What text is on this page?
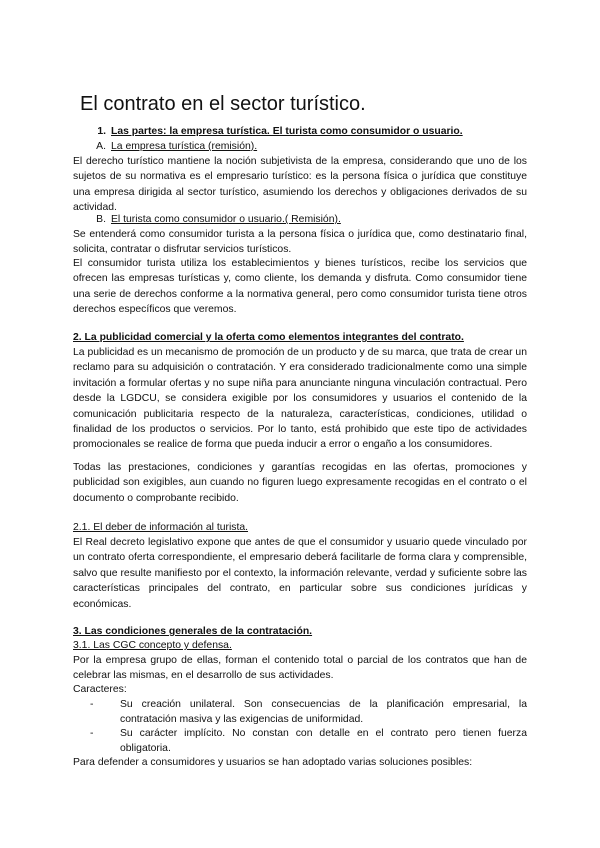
El contrato en el sector turístico.
1. Las partes: la empresa turística. El turista como consumidor o usuario.
A. La empresa turística (remisión).

El derecho turístico mantiene la noción subjetivista de la empresa, considerando que uno de los sujetos de su normativa es el empresario turístico: es la persona física o jurídica que constituye una empresa dirigida al sector turístico, asumiendo los derechos y obligaciones derivados de su actividad.

B. El turista como consumidor o usuario.( Remisión).

Se entenderá como consumidor turista a la persona física o jurídica que, como destinatario final, solicita, contratar o disfrutar servicios turísticos.

El consumidor turista utiliza los establecimientos y bienes turísticos, recibe los servicios que ofrecen las empresas turísticas y, como cliente, los demanda y disfruta. Como consumidor tiene una serie de derechos conforme a la normativa general, pero como consumidor turista tiene otros derechos específicos que veremos.

2. La publicidad comercial y la oferta como elementos integrantes del contrato.

La publicidad es un mecanismo de promoción de un producto y de su marca, que trata de crear un reclamo para su adquisición o contratación. Y era considerado tradicionalmente como una simple invitación a formular ofertas y no supe niña para anunciante ninguna vinculación contractual. Pero desde la LGDCU, se considera exigible por los consumidores y usuarios el contenido de la comunicación publicitaria respecto de la naturaleza, características, condiciones, utilidad o finalidad de los productos o servicios. Por lo tanto, está prohibido que este tipo de actividades promocionales se realice de forma que pueda inducir a error o engaño a los consumidores.

Todas las prestaciones, condiciones y garantías recogidas en las ofertas, promociones y publicidad son exigibles, aun cuando no figuren luego expresamente recogidas en el contrato o el documento o comprobante recibido.

2.1. El deber de información al turista.

El Real decreto legislativo expone que antes de que el consumidor y usuario quede vinculado por un contrato oferta correspondiente, el empresario deberá facilitarle de forma clara y comprensible, salvo que resulte manifiesto por el contexto, la información relevante, verdad y suficiente sobre las características principales del contrato, en particular sobre sus condiciones jurídicas y económicas.

3. Las condiciones generales de la contratación.

3.1. Las CGC concepto y defensa.

Por la empresa grupo de ellas, forman el contenido total o parcial de los contratos que han de celebrar las mismas, en el desarrollo de sus actividades.

Caracteres:

-	Su creación unilateral. Son consecuencias de la planificación empresarial, la contratación masiva y las exigencias de uniformidad.
-	Su carácter implícito. No constan con detalle en el contrato pero tienen fuerza obligatoria.

Para defender a consumidores y usuarios se han adoptado varias soluciones posibles:
